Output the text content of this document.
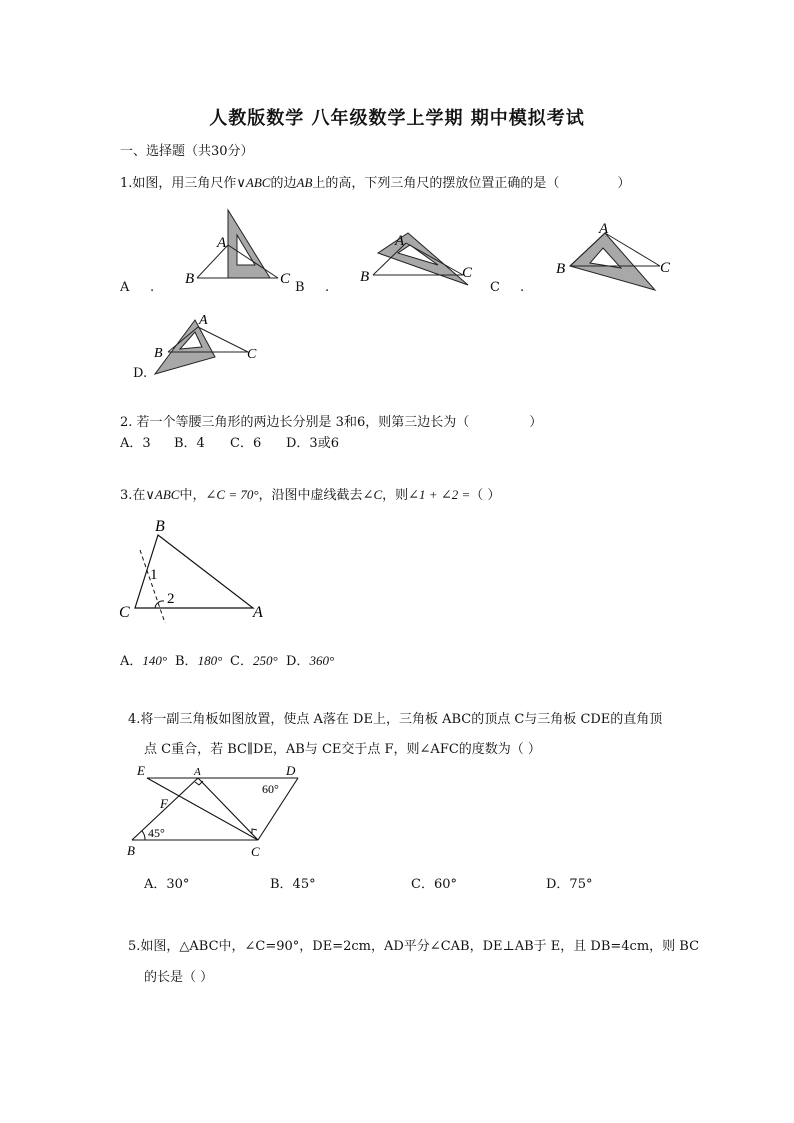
人教版数学 八年级数学上学期 期中模拟考试
一、选择题（共30分）
1.如图，用三角尺作∨ABC的边AB上的高，下列三角尺的摆放位置正确的是（	）
A
B	C
A .
A
B	C
B .
A
B	C
C .
A
B	C
D.
2. 若一个等腰三角形的两边长分别是 3和6，则第三边长为（	）
A．3 B．4 C．6 D．3或6
3.在∨ABC中，∠C = 70°，沿图中虚线截去∠C，则∠1 + ∠2 =（ ）
B
C	A
1
2
A．140° B．180° C．250° D．360°
4.将一副三角板如图放置，使点 A落在 DE上，三角板 ABC的顶点 C与三角板 CDE的直角顶
点 C重合，若 BC∥DE，AB与 CE交于点 F，则∠AFC的度数为（ ）
E	A	D
F
B	C
60°
45°
A．30°	B．45°	C．60°	D．75°
5.如图，△ABC中，∠C=90°，DE=2cm，AD平分∠CAB，DE⊥AB于 E，且 DB=4cm，则 BC
的长是（ ）
